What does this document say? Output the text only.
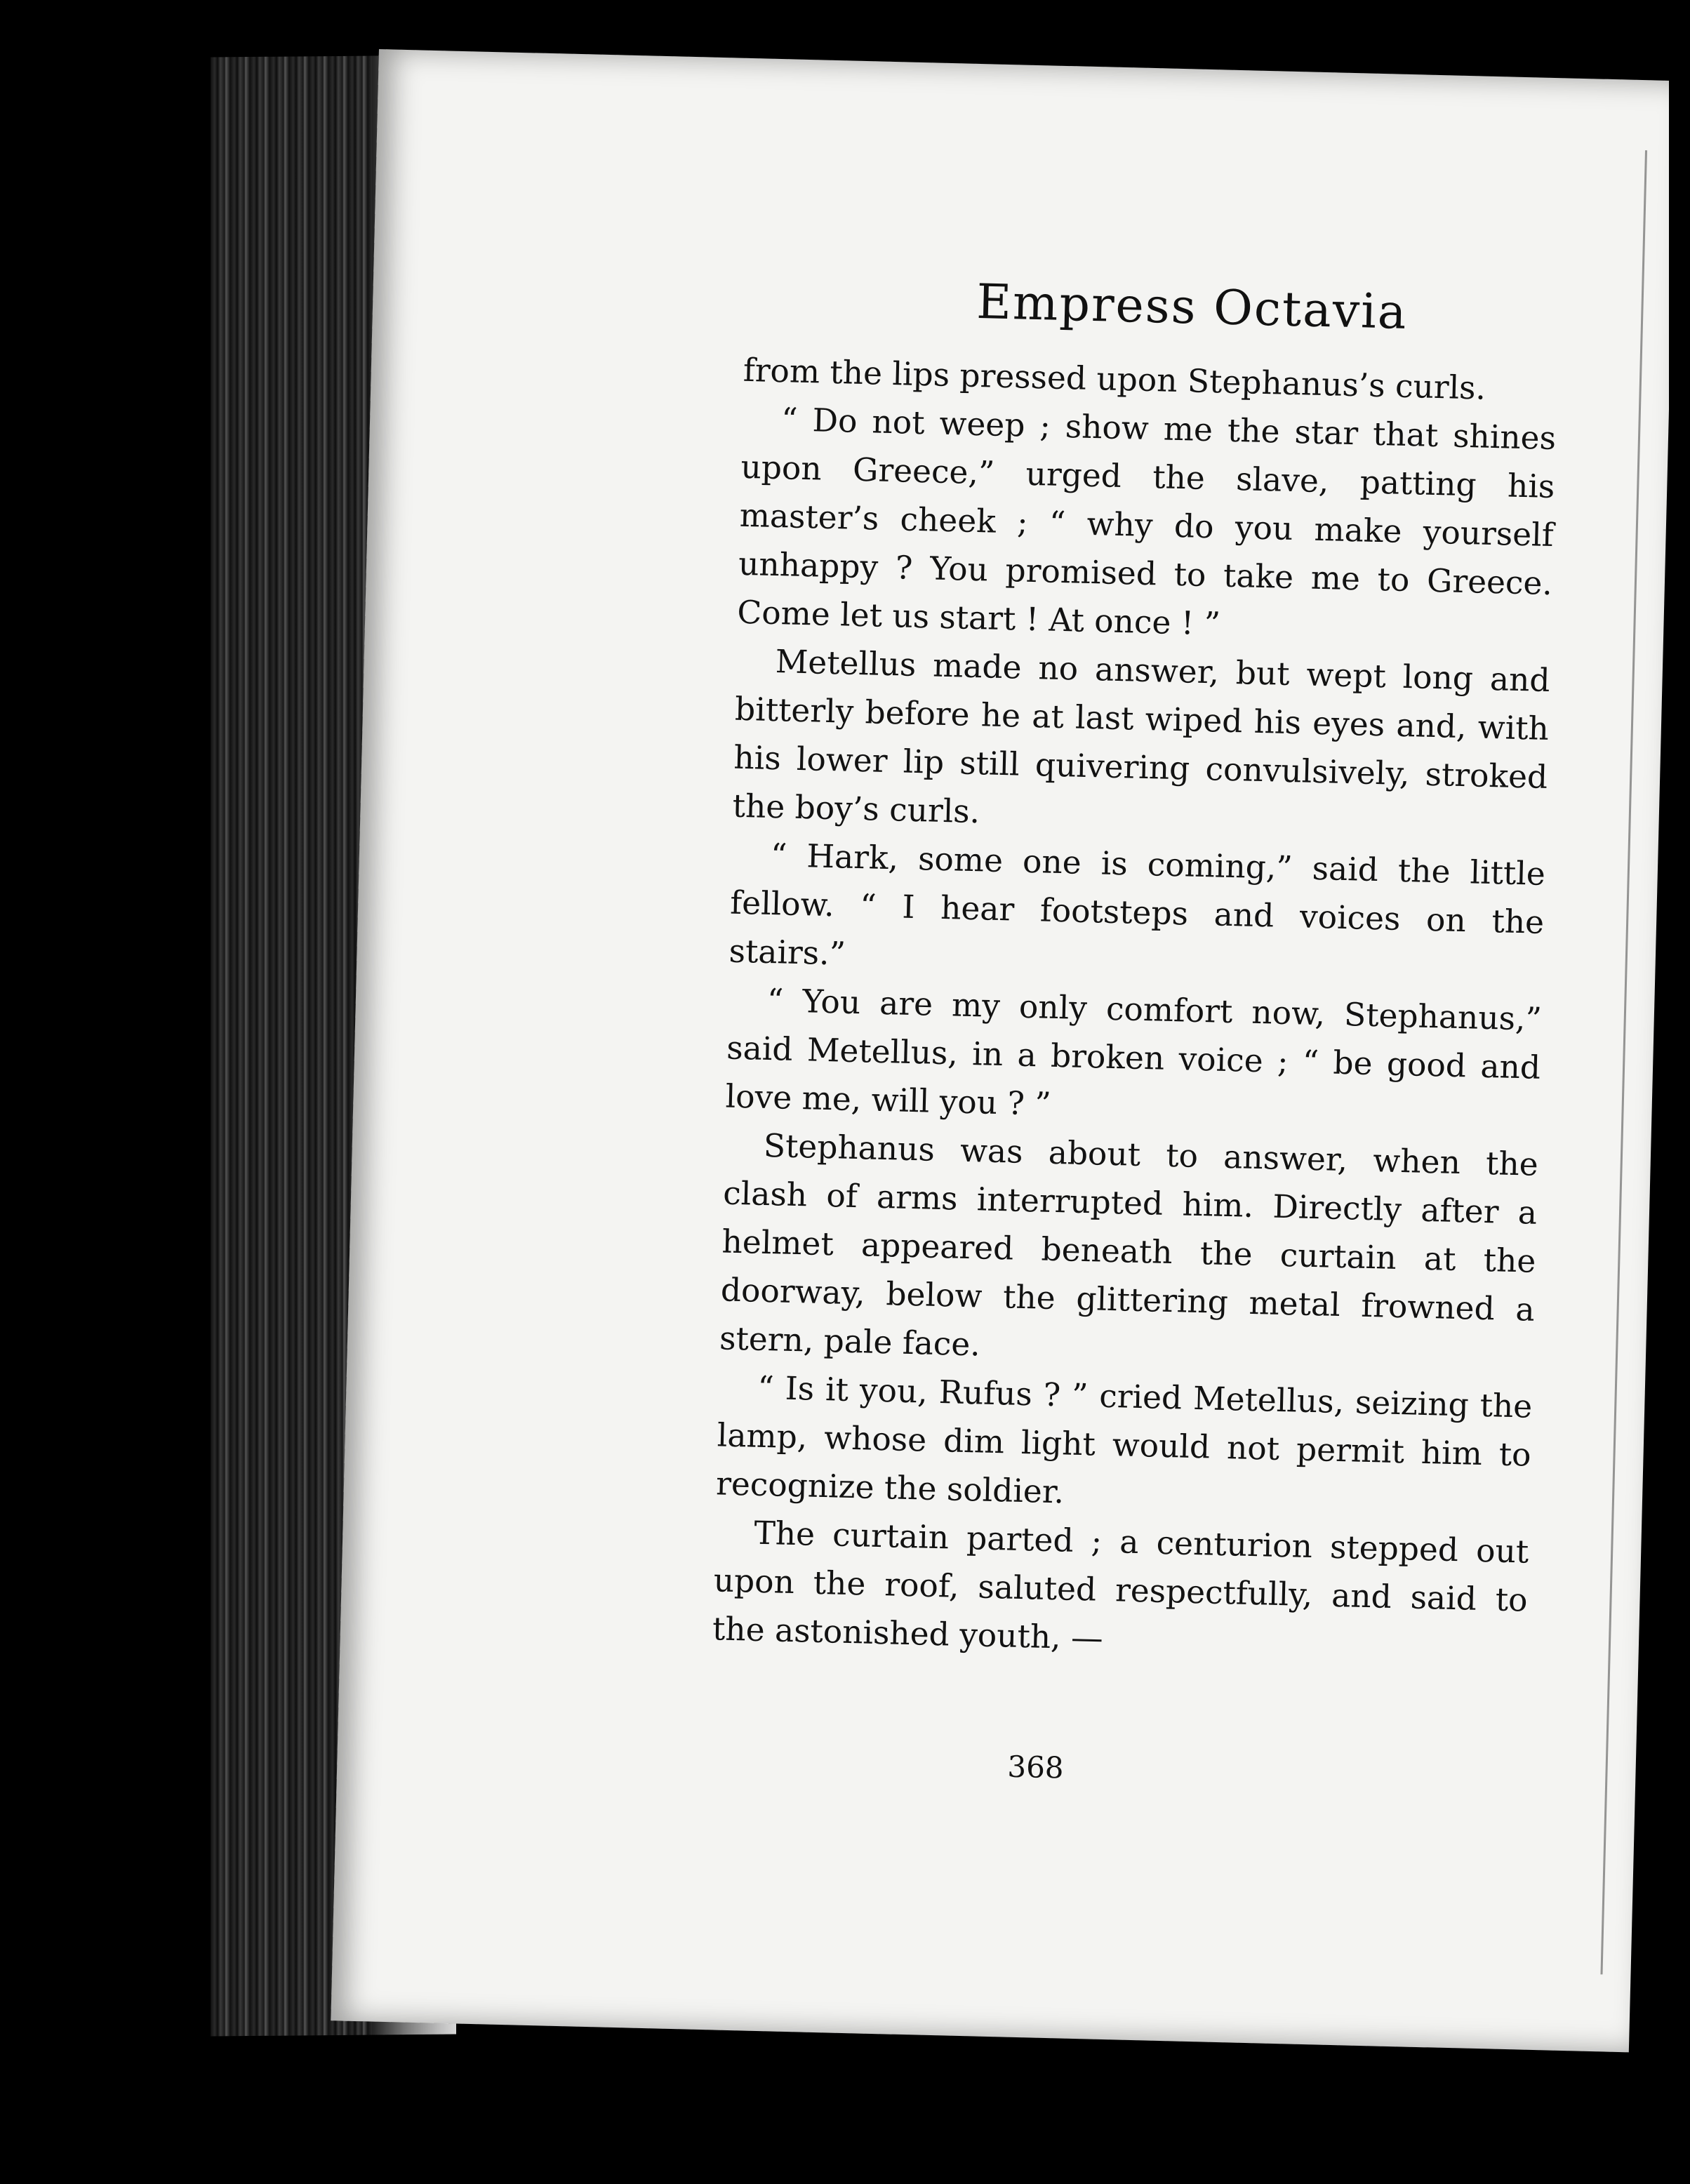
Empress Octavia

from the lips pressed upon Stephanus’s curls.

“ Do not weep ; show me the star that shines upon Greece,” urged the slave, patting his master’s cheek ; “ why do you make yourself unhappy ? You promised to take me to Greece. Come let us start ! At once ! ”

Metellus made no answer, but wept long and bitterly before he at last wiped his eyes and, with his lower lip still quivering convulsively, stroked the boy’s curls.

“ Hark, some one is coming,” said the little fellow. “ I hear footsteps and voices on the stairs.”

“ You are my only comfort now, Stephanus,” said Metellus, in a broken voice ; “ be good and love me, will you ? ”

Stephanus was about to answer, when the clash of arms interrupted him. Directly after a helmet appeared beneath the curtain at the doorway, below the glittering metal frowned a stern, pale face.

“ Is it you, Rufus ? ” cried Metellus, seizing the lamp, whose dim light would not permit him to recognize the soldier.

The curtain parted ; a centurion stepped out upon the roof, saluted respectfully, and said to the astonished youth, —

368
